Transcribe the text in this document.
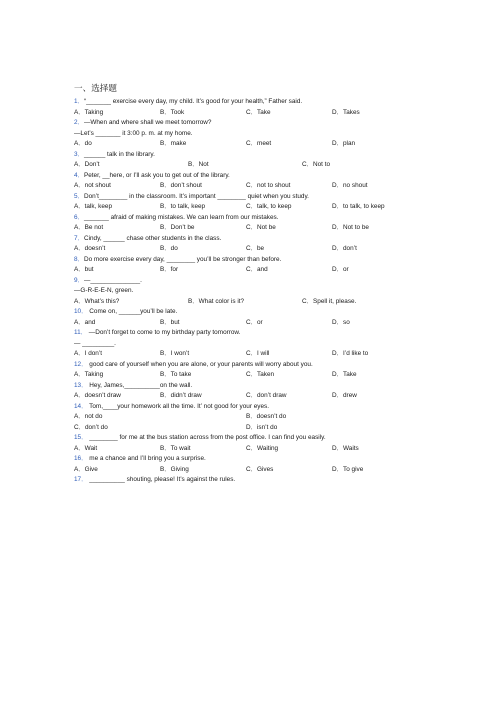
一、选择题
1．“_______ exercise every day, my child. It’s good for your health,” Father said.
A．Taking	B．Took	C．Take	D．Takes
2．—When and where shall we meet tomorrow?
—Let’s _______ it 3:00 p. m. at my home.
A．do	B．make	C．meet	D．plan
3．______ talk in the library.
A．Don’t	B．Not	C．Not to
4．Peter, __here, or I’ll ask you to get out of the library.
A．not shout	B．don’t shout	C．not to shout	D．no shout
5．Don’t________ in the classroom. It’s important ________ quiet when you study.
A．talk, keep	B．to talk, keep	C．talk, to keep	D．to talk, to keep
6．_______ afraid of making mistakes. We can learn from our mistakes.
A．Be not	B．Don’t be	C．Not be	D．Not to be
7．Cindy, ______ chase other students in the class.
A．doesn’t	B．do	C．be	D．don’t
8．Do more exercise every day, ________ you’ll be stronger than before.
A．but	B．for	C．and	D．or
9．—______________.
—G-R-E-E-N, green.
A．What’s this?	B．What color is it?	C．Spell it, please.
10． Come on, ______you’ll be late.
A．and	B．but	C．or	D．so
11． —Don’t forget to come to my birthday party tomorrow.
— _________.
A．I don’t	B．I won’t	C．I will	D．I’d like to
12． good care of yourself when you are alone, or your parents will worry about you.
A．Taking	B．To take	C．Taken	D．Take
13． Hey, James,__________on the wall.
A．doesn’t draw	B．didn’t draw	C．don’t draw	D．drew
14． Tom,____your homework all the time. It’ not good for your eyes.
A．not do	B．doesn’t do
C．don’t do	D．isn’t do
15． ________ for me at the bus station across from the post office. I can find you easily.
A．Wait	B．To wait	C．Waiting	D．Waits
16． me a chance and I’ll bring you a surprise.
A．Give	B．Giving	C．Gives	D．To give
17． __________ shouting, please! It’s against the rules.
